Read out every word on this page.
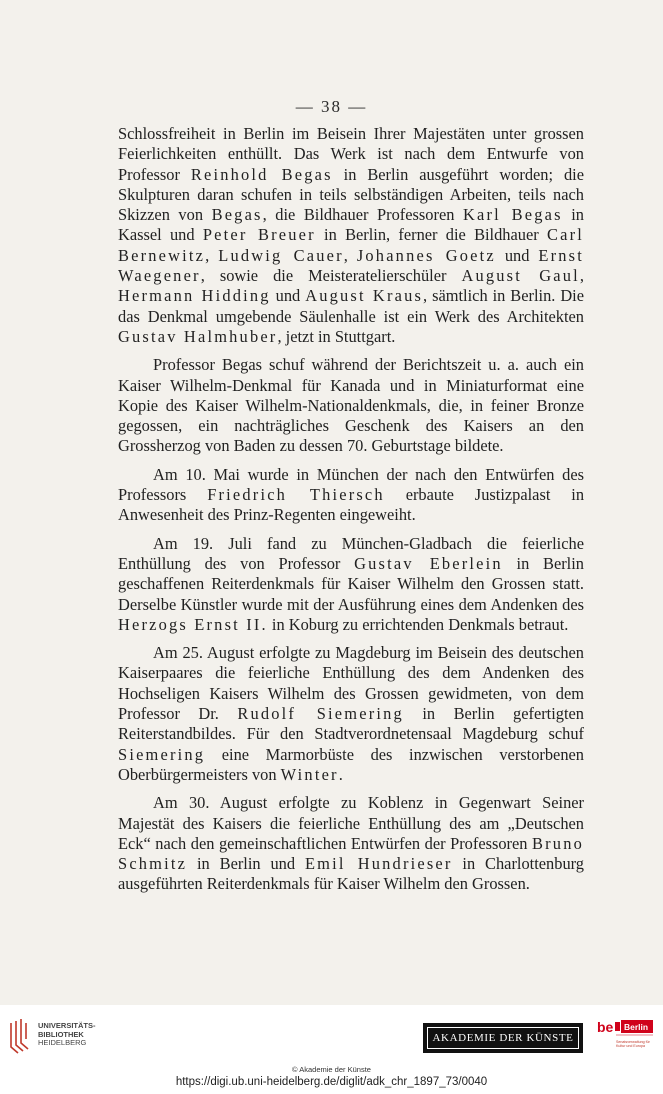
— 38 —

Schlossfreiheit in Berlin im Beisein Ihrer Majestäten unter grossen Feierlichkeiten enthüllt. Das Werk ist nach dem Entwurfe von Professor Reinhold Begas in Berlin ausgeführt worden; die Skulpturen daran schufen in teils selbständigen Arbeiten, teils nach Skizzen von Begas, die Bildhauer Professoren Karl Begas in Kassel und Peter Breuer in Berlin, ferner die Bildhauer Carl Bernewitz, Ludwig Cauer, Johannes Goetz und Ernst Waegener, sowie die Meisteratelierschüler August Gaul, Hermann Hidding und August Kraus, sämtlich in Berlin. Die das Denkmal umgebende Säulenhalle ist ein Werk des Architekten Gustav Halmhuber, jetzt in Stuttgart.

Professor Begas schuf während der Berichtszeit u. a. auch ein Kaiser Wilhelm-Denkmal für Kanada und in Miniaturformat eine Kopie des Kaiser Wilhelm-Nationaldenkmals, die, in feiner Bronze gegossen, ein nachträgliches Geschenk des Kaisers an den Grossherzog von Baden zu dessen 70. Geburtstage bildete.

Am 10. Mai wurde in München der nach den Entwürfen des Professors Friedrich Thiersch erbaute Justizpalast in Anwesenheit des Prinz-Regenten eingeweiht.

Am 19. Juli fand zu München-Gladbach die feierliche Enthüllung des von Professor Gustav Eberlein in Berlin geschaffenen Reiterdenkmals für Kaiser Wilhelm den Grossen statt. Derselbe Künstler wurde mit der Ausführung eines dem Andenken des Herzogs Ernst II. in Koburg zu errichtenden Denkmals betraut.

Am 25. August erfolgte zu Magdeburg im Beisein des deutschen Kaiserpaares die feierliche Enthüllung des dem Andenken des Hochseligen Kaisers Wilhelm des Grossen gewidmeten, von dem Professor Dr. Rudolf Siemering in Berlin gefertigten Reiterstandbildes. Für den Stadtverordnetensaal Magdeburg schuf Siemering eine Marmorbüste des inzwischen verstorbenen Oberbürgermeisters von Winter.

Am 30. August erfolgte zu Koblenz in Gegenwart Seiner Majestät des Kaisers die feierliche Enthüllung des am „Deutschen Eck“ nach den gemeinschaftlichen Entwürfen der Professoren Bruno Schmitz in Berlin und Emil Hundrieser in Charlottenburg ausgeführten Reiterdenkmals für Kaiser Wilhelm den Grossen.

UNIVERSITÄTS-
BIBLIOTHEK
HEIDELBERG	AKADEMIE DER KÜNSTE
be Berlin
Senatsverwaltung für Kultur und Europa
© Akademie der Künste
https://digi.ub.uni-heidelberg.de/diglit/adk_chr_1897_73/0040
